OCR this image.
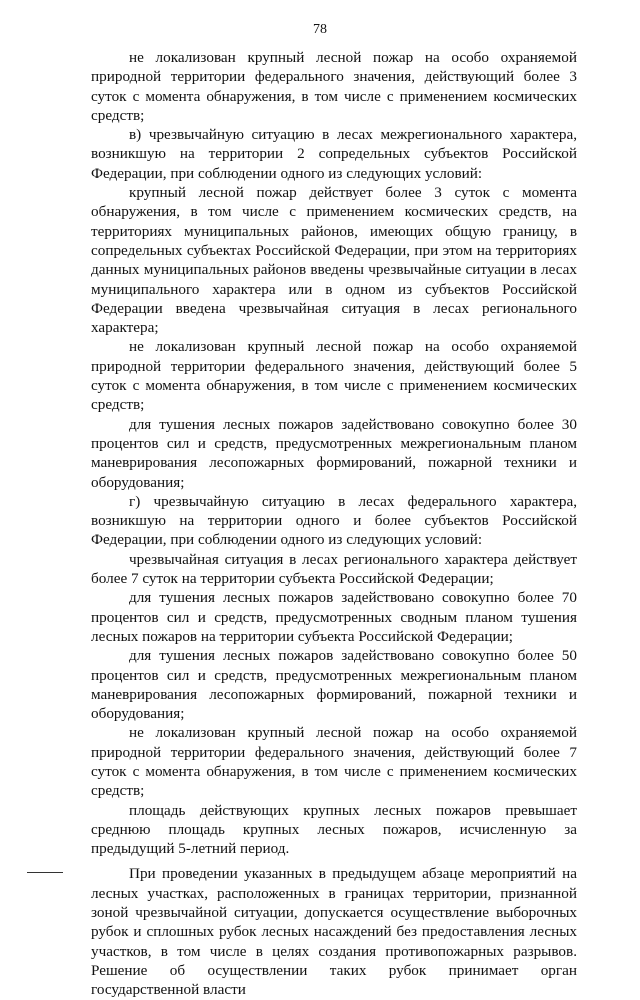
78

не локализован крупный лесной пожар на особо охраняемой природной территории федерального значения, действующий более 3 суток с момента обнаружения, в том числе с применением космических средств;

в) чрезвычайную ситуацию в лесах межрегионального характера, возникшую на территории 2 сопредельных субъектов Российской Федерации, при соблюдении одного из следующих условий:

крупный лесной пожар действует более 3 суток с момента обнаружения, в том числе с применением космических средств, на территориях муниципальных районов, имеющих общую границу, в сопредельных субъектах Российской Федерации, при этом на территориях данных муниципальных районов введены чрезвычайные ситуации в лесах муниципального характера или в одном из субъектов Российской Федерации введена чрезвычайная ситуация в лесах регионального характера;

не локализован крупный лесной пожар на особо охраняемой природной территории федерального значения, действующий более 5 суток с момента обнаружения, в том числе с применением космических средств;

для тушения лесных пожаров задействовано совокупно более 30 процентов сил и средств, предусмотренных межрегиональным планом маневрирования лесопожарных формирований, пожарной техники и оборудования;

г) чрезвычайную ситуацию в лесах федерального характера, возникшую на территории одного и более субъектов Российской Федерации, при соблюдении одного из следующих условий:

чрезвычайная ситуация в лесах регионального характера действует более 7 суток на территории субъекта Российской Федерации;

для тушения лесных пожаров задействовано совокупно более 70 процентов сил и средств, предусмотренных сводным планом тушения лесных пожаров на территории субъекта Российской Федерации;

для тушения лесных пожаров задействовано совокупно более 50 процентов сил и средств, предусмотренных межрегиональным планом маневрирования лесопожарных формирований, пожарной техники и оборудования;

не локализован крупный лесной пожар на особо охраняемой природной территории федерального значения, действующий более 7 суток с момента обнаружения, в том числе с применением космических средств;

площадь действующих крупных лесных пожаров превышает среднюю площадь крупных лесных пожаров, исчисленную за предыдущий 5-летний период.

При проведении указанных в предыдущем абзаце мероприятий на лесных участках, расположенных в границах территории, признанной зоной чрезвычайной ситуации, допускается осуществление выборочных рубок и сплошных рубок лесных насаждений без предоставления лесных участков, в том числе в целях создания противопожарных разрывов. Решение об осуществлении таких рубок принимает орган государственной власти
